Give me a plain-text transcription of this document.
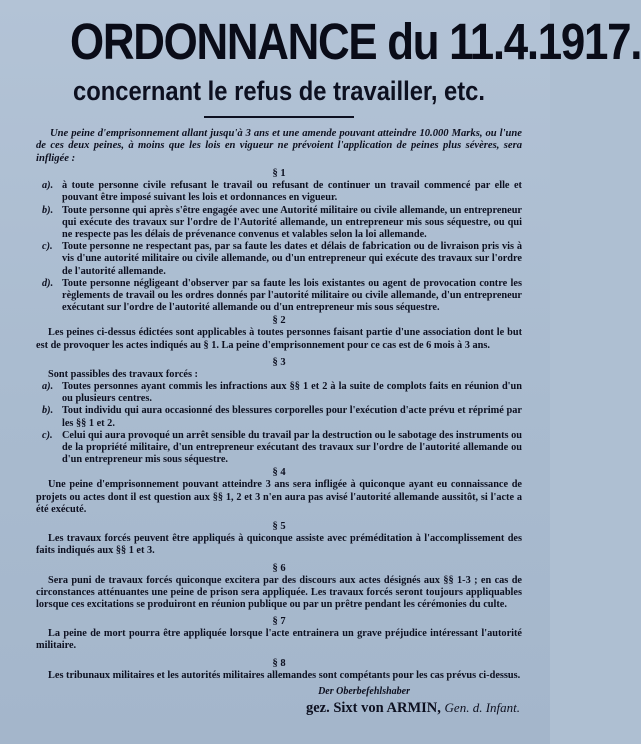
ORDONNANCE du 11.4.1917.
concernant le refus de travailler, etc.

Une peine d'emprisonnement allant jusqu'à 3 ans et une amende pouvant atteindre 10.000 Marks, ou l'une de ces deux peines, à moins que les lois en vigueur ne prévoient l'application de peines plus sévères, sera infligée :

§ 1

a). à toute personne civile refusant le travail ou refusant de continuer un travail commencé par elle et pouvant être imposé suivant les lois et ordonnances en vigueur.
b). Toute personne qui après s'être engagée avec une Autorité militaire ou civile allemande, un entrepreneur qui exécute des travaux sur l'ordre de l'Autorité allemande, un entrepreneur mis sous séquestre, ou qui ne respecte pas les délais de prévenance convenus et valables selon la loi allemande.
c). Toute personne ne respectant pas, par sa faute les dates et délais de fabrication ou de livraison pris vis à vis d'une autorité militaire ou civile allemande, ou d'un entrepreneur qui exécute des travaux sur l'ordre de l'autorité allemande.
d). Toute personne négligeant d'observer par sa faute les lois existantes ou agent de provocation contre les règlements de travail ou les ordres donnés par l'autorité militaire ou civile allemande, d'un entrepreneur exécutant sur l'ordre de l'autorité allemande ou d'un entrepreneur mis sous séquestre.

§ 2

Les peines ci-dessus édictées sont applicables à toutes personnes faisant partie d'une association dont le but est de provoquer les actes indiqués au § 1. La peine d'emprisonnement pour ce cas est de 6 mois à 3 ans.

§ 3

Sont passibles des travaux forcés :

a). Toutes personnes ayant commis les infractions aux §§ 1 et 2 à la suite de complots faits en réunion d'un ou plusieurs centres.
b). Tout individu qui aura occasionné des blessures corporelles pour l'exécution d'acte prévu et réprimé par les §§ 1 et 2.
c). Celui qui aura provoqué un arrêt sensible du travail par la destruction ou le sabotage des instruments ou de la propriété militaire, d'un entrepreneur exécutant des travaux sur l'ordre de l'autorité allemande ou d'un entrepreneur mis sous séquestre.

§ 4

Une peine d'emprisonnement pouvant atteindre 3 ans sera infligée à quiconque ayant eu connaissance de projets ou actes dont il est question aux §§ 1, 2 et 3 n'en aura pas avisé l'autorité allemande aussitôt, si l'acte a été exécuté.

§ 5

Les travaux forcés peuvent être appliqués à quiconque assiste avec préméditation à l'accomplissement des faits indiqués aux §§ 1 et 3.

§ 6

Sera puni de travaux forcés quiconque excitera par des discours aux actes désignés aux §§ 1-3 ; en cas de circonstances atténuantes une peine de prison sera appliquée. Les travaux forcés seront toujours appliquables lorsque ces excitations se produiront en réunion publique ou par un prêtre pendant les cérémonies du culte.

§ 7

La peine de mort pourra être appliquée lorsque l'acte entrainera un grave préjudice intéressant l'autorité militaire.

§ 8

Les tribunaux militaires et les autorités militaires allemandes sont compétants pour les cas prévus ci-dessus.

Der Oberbefehlshaber

gez. Sixt von ARMIN, Gen. d. Infant.
